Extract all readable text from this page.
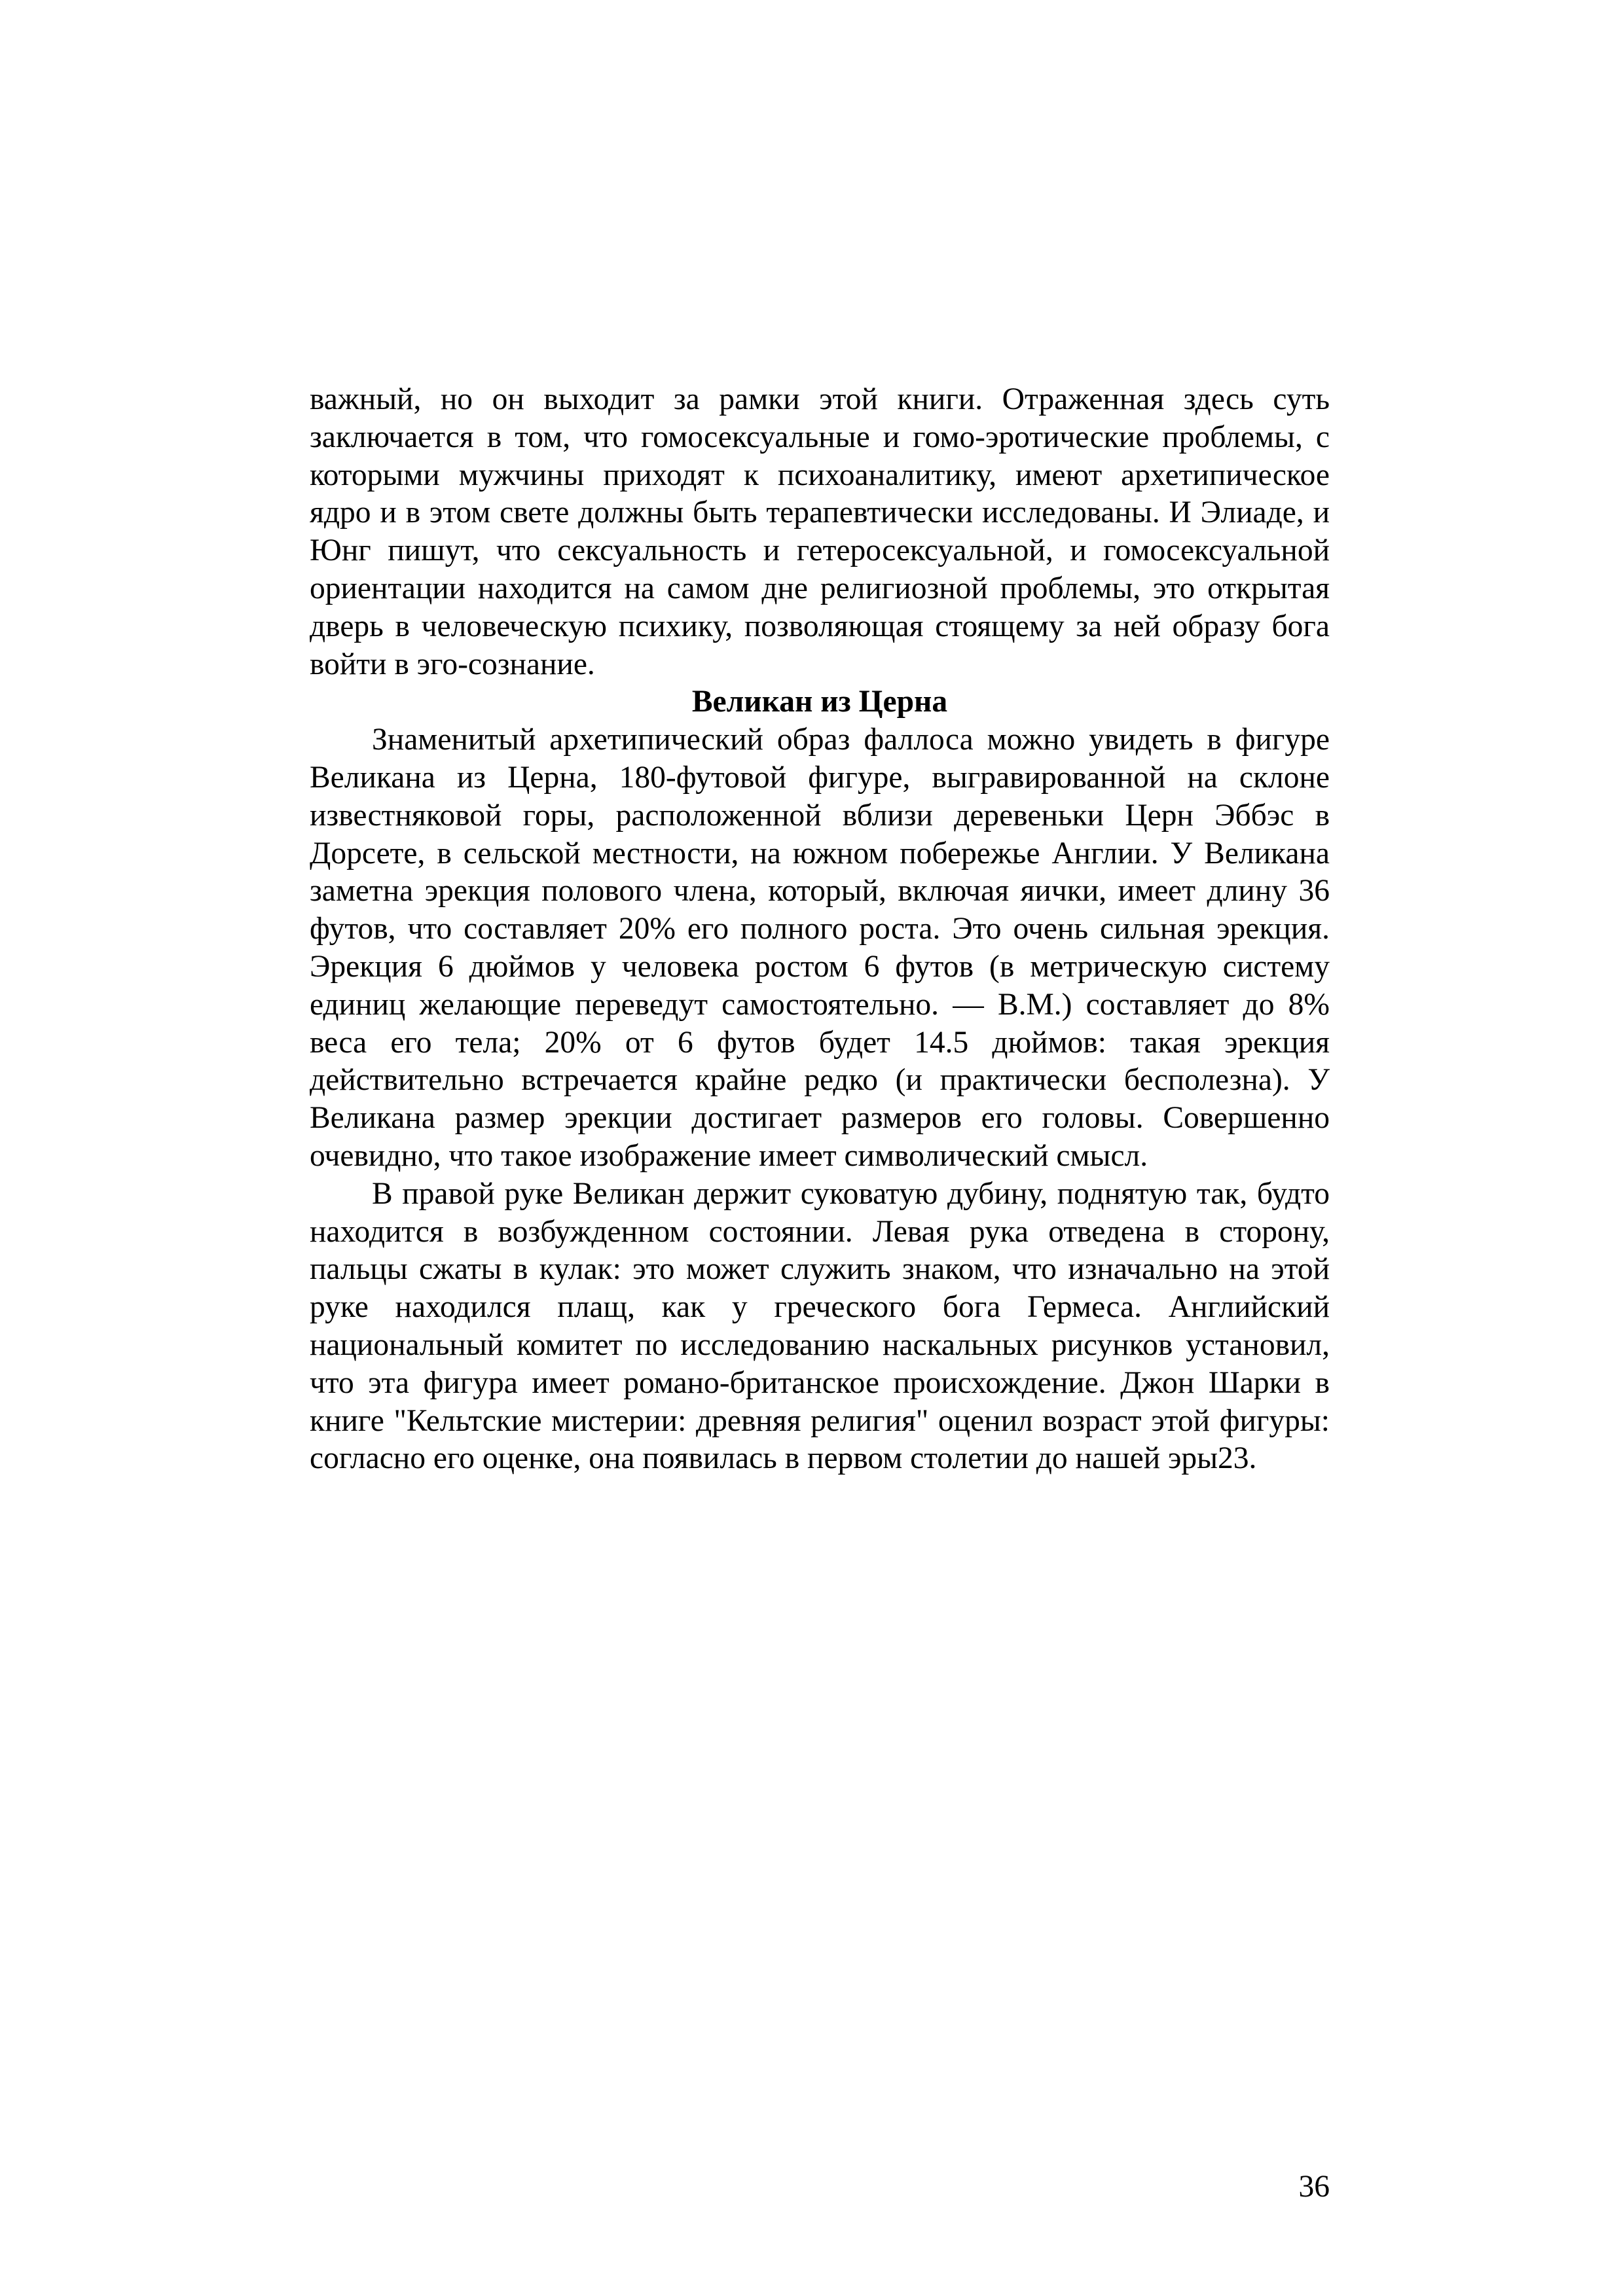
важный, но он выходит за рамки этой книги. Отраженная здесь суть заключается в том, что гомосексуальные и гомо-эротические проблемы, с которыми мужчины приходят к психоаналитику, имеют архетипическое ядро и в этом свете должны быть терапевтически исследованы. И Элиаде, и Юнг пишут, что сексуальность и гетеросексуальной, и гомосексуальной ориентации находится на самом дне религиозной проблемы, это открытая дверь в человеческую психику, позволяющая стоящему за ней образу бога войти в эго-сознание.

Великан из Церна

Знаменитый архетипический образ фаллоса можно увидеть в фигуре Великана из Церна, 180-футовой фигуре, выгравированной на склоне известняковой горы, расположенной вблизи деревеньки Церн Эббэс в Дорсете, в сельской местности, на южном побережье Англии. У Великана заметна эрекция полового члена, который, включая яички, имеет длину 36 футов, что составляет 20% его полного роста. Это очень сильная эрекция. Эрекция 6 дюймов у человека ростом 6 футов (в метрическую систему единиц желающие переведут самостоятельно. — В.М.) составляет до 8% веса его тела; 20% от 6 футов будет 14.5 дюймов: такая эрекция действительно встречается крайне редко (и практически бесполезна). У Великана размер эрекции достигает размеров его головы. Совершенно очевидно, что такое изображение имеет символический смысл.

В правой руке Великан держит суковатую дубину, поднятую так, будто находится в возбужденном состоянии. Левая рука отведена в сторону, пальцы сжаты в кулак: это может служить знаком, что изначально на этой руке находился плащ, как у греческого бога Гермеса. Английский национальный комитет по исследованию наскальных рисунков установил, что эта фигура имеет романо-британское происхождение. Джон Шарки в книге "Кельтские мистерии: древняя религия" оценил возраст этой фигуры: согласно его оценке, она появилась в первом столетии до нашей эры23.

36
